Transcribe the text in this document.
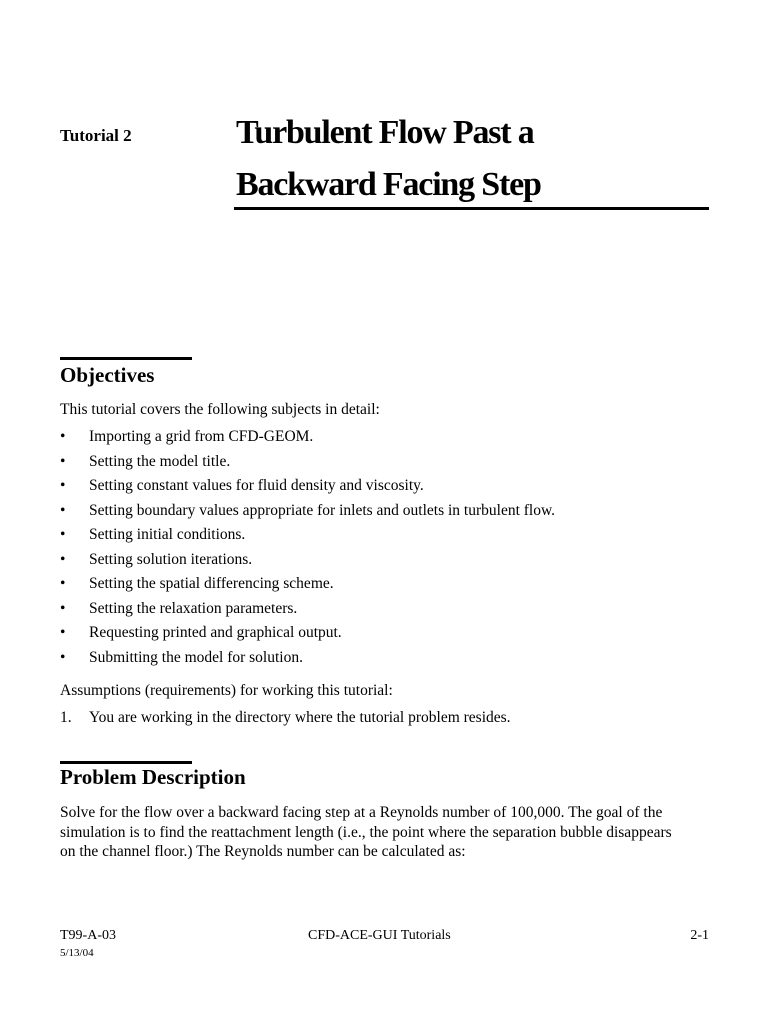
Tutorial 2	Turbulent Flow Past a
Backward Facing Step
Objectives
This tutorial covers the following subjects in detail:
• Importing a grid from CFD-GEOM.
• Setting the model title.
• Setting constant values for fluid density and viscosity.
• Setting boundary values appropriate for inlets and outlets in turbulent flow.
• Setting initial conditions.
• Setting solution iterations.
• Setting the spatial differencing scheme.
• Setting the relaxation parameters.
• Requesting printed and graphical output.
• Submitting the model for solution.
Assumptions (requirements) for working this tutorial:
1. You are working in the directory where the tutorial problem resides.
Problem Description
Solve for the flow over a backward facing step at a Reynolds number of 100,000. The goal of the
simulation is to find the reattachment length (i.e., the point where the separation bubble disappears
on the channel floor.) The Reynolds number can be calculated as:
T99-A-03
5/13/04
CFD-ACE-GUI Tutorials	2-1
